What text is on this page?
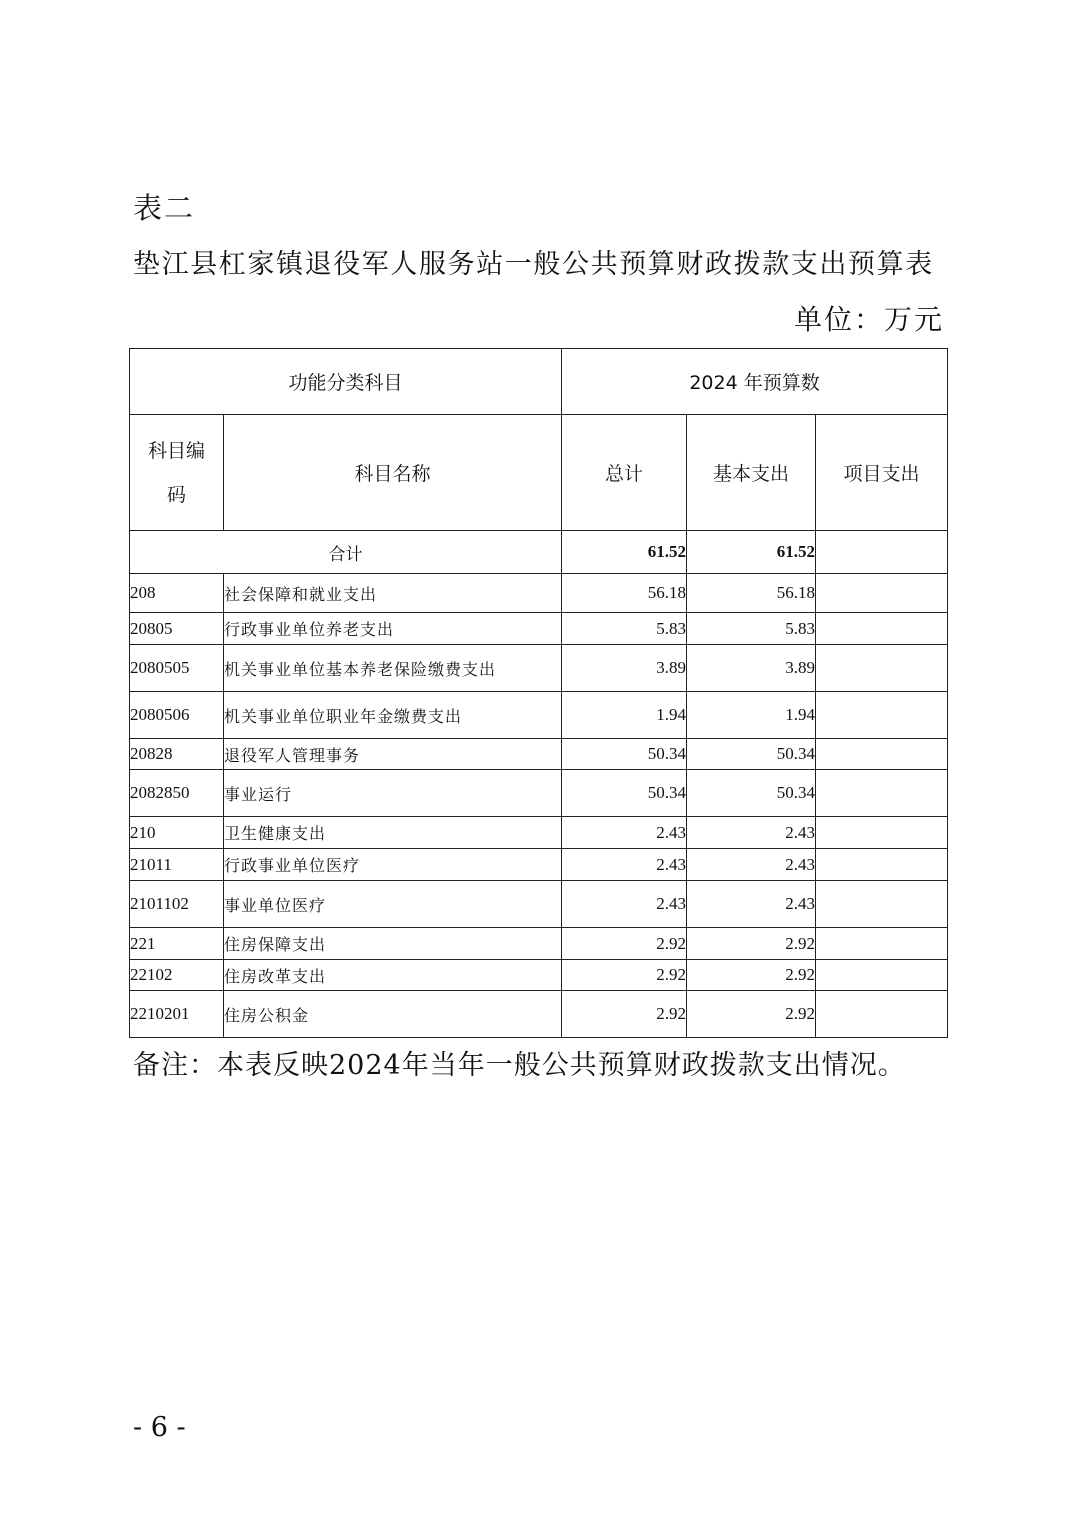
表二
垫江县杠家镇退役军人服务站一般公共预算财政拨款支出预算表
单位：万元
功能分类科目		2024 年预算数		

科目编码	科目名称	总计	基本支出	项目支出
合计		61.52	61.52	
208	社会保障和就业支出	56.18	56.18	
20805	行政事业单位养老支出	5.83	5.83	
2080505	机关事业单位基本养老保险缴费支出	3.89	3.89	
2080506	机关事业单位职业年金缴费支出	1.94	1.94	
20828	退役军人管理事务	50.34	50.34	
2082850	事业运行	50.34	50.34	
210	卫生健康支出	2.43	2.43	
21011	行政事业单位医疗	2.43	2.43	
2101102	事业单位医疗	2.43	2.43	
221	住房保障支出	2.92	2.92	
22102	住房改革支出	2.92	2.92	
2210201	住房公积金	2.92	2.92	
备注：本表反映2024年当年一般公共预算财政拨款支出情况。
- 6 -
